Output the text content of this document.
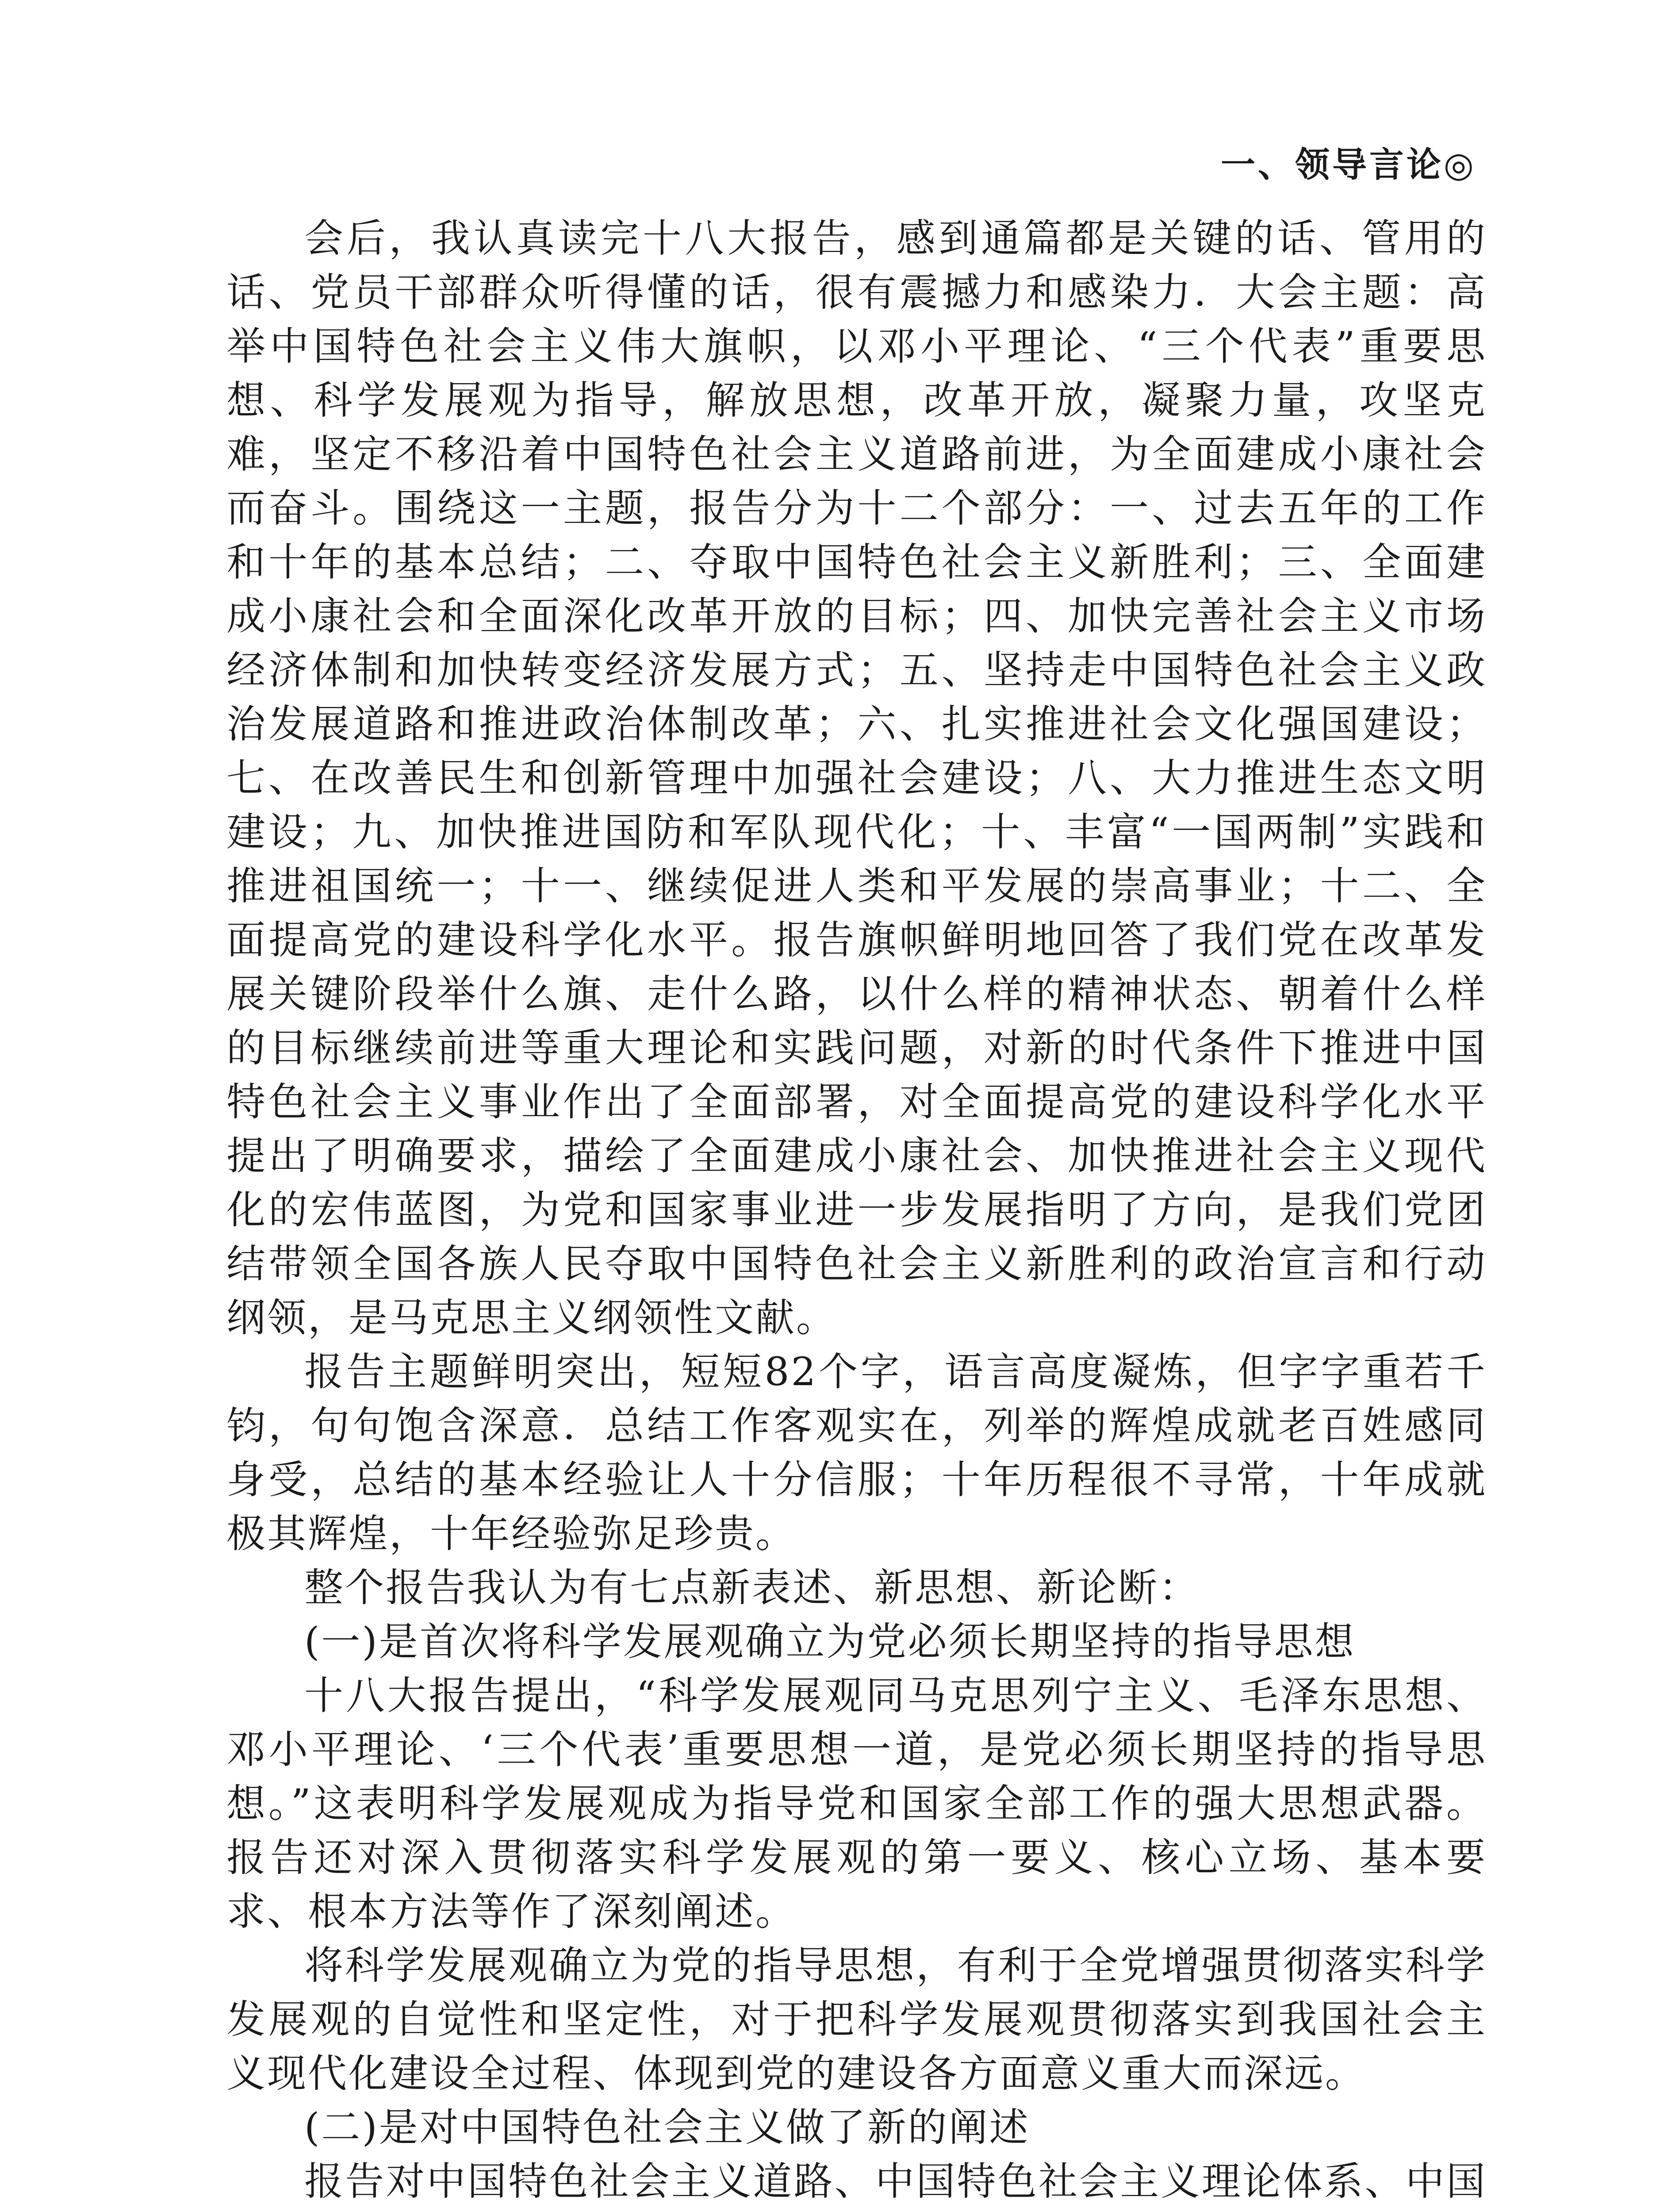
一、领导言论◎

会后，我认真读完十八大报告，感到通篇都是关键的话、管用的话、党员干部群众听得懂的话，很有震撼力和感染力．大会主题：高举中国特色社会主义伟大旗帜，以邓小平理论、“三个代表”重要思想、科学发展观为指导，解放思想，改革开放，凝聚力量，攻坚克难，坚定不移沿着中国特色社会主义道路前进，为全面建成小康社会而奋斗。围绕这一主题，报告分为十二个部分：一、过去五年的工作和十年的基本总结；二、夺取中国特色社会主义新胜利；三、全面建成小康社会和全面深化改革开放的目标；四、加快完善社会主义市场经济体制和加快转变经济发展方式；五、坚持走中国特色社会主义政治发展道路和推进政治体制改革；六、扎实推进社会文化强国建设；七、在改善民生和创新管理中加强社会建设；八、大力推进生态文明建设；九、加快推进国防和军队现代化；十、丰富“一国两制”实践和推进祖国统一；十一、继续促进人类和平发展的崇高事业；十二、全面提高党的建设科学化水平。报告旗帜鲜明地回答了我们党在改革发展关键阶段举什么旗、走什么路，以什么样的精神状态、朝着什么样的目标继续前进等重大理论和实践问题，对新的时代条件下推进中国特色社会主义事业作出了全面部署，对全面提高党的建设科学化水平提出了明确要求，描绘了全面建成小康社会、加快推进社会主义现代化的宏伟蓝图，为党和国家事业进一步发展指明了方向，是我们党团结带领全国各族人民夺取中国特色社会主义新胜利的政治宣言和行动纲领，是马克思主义纲领性文献。

报告主题鲜明突出，短短82个字，语言高度凝炼，但字字重若千钧，句句饱含深意．总结工作客观实在，列举的辉煌成就老百姓感同身受，总结的基本经验让人十分信服；十年历程很不寻常，十年成就极其辉煌，十年经验弥足珍贵。

整个报告我认为有七点新表述、新思想、新论断：

(一)是首次将科学发展观确立为党必须长期坚持的指导思想

十八大报告提出，“科学发展观同马克思列宁主义、毛泽东思想、邓小平理论、‘三个代表’重要思想一道，是党必须长期坚持的指导思想。”这表明科学发展观成为指导党和国家全部工作的强大思想武器。报告还对深入贯彻落实科学发展观的第一要义、核心立场、基本要求、根本方法等作了深刻阐述。

将科学发展观确立为党的指导思想，有利于全党增强贯彻落实科学发展观的自觉性和坚定性，对于把科学发展观贯彻落实到我国社会主义现代化建设全过程、体现到党的建设各方面意义重大而深远。

(二)是对中国特色社会主义做了新的阐述

报告对中国特色社会主义道路、中国特色社会主义理论体系、中国
